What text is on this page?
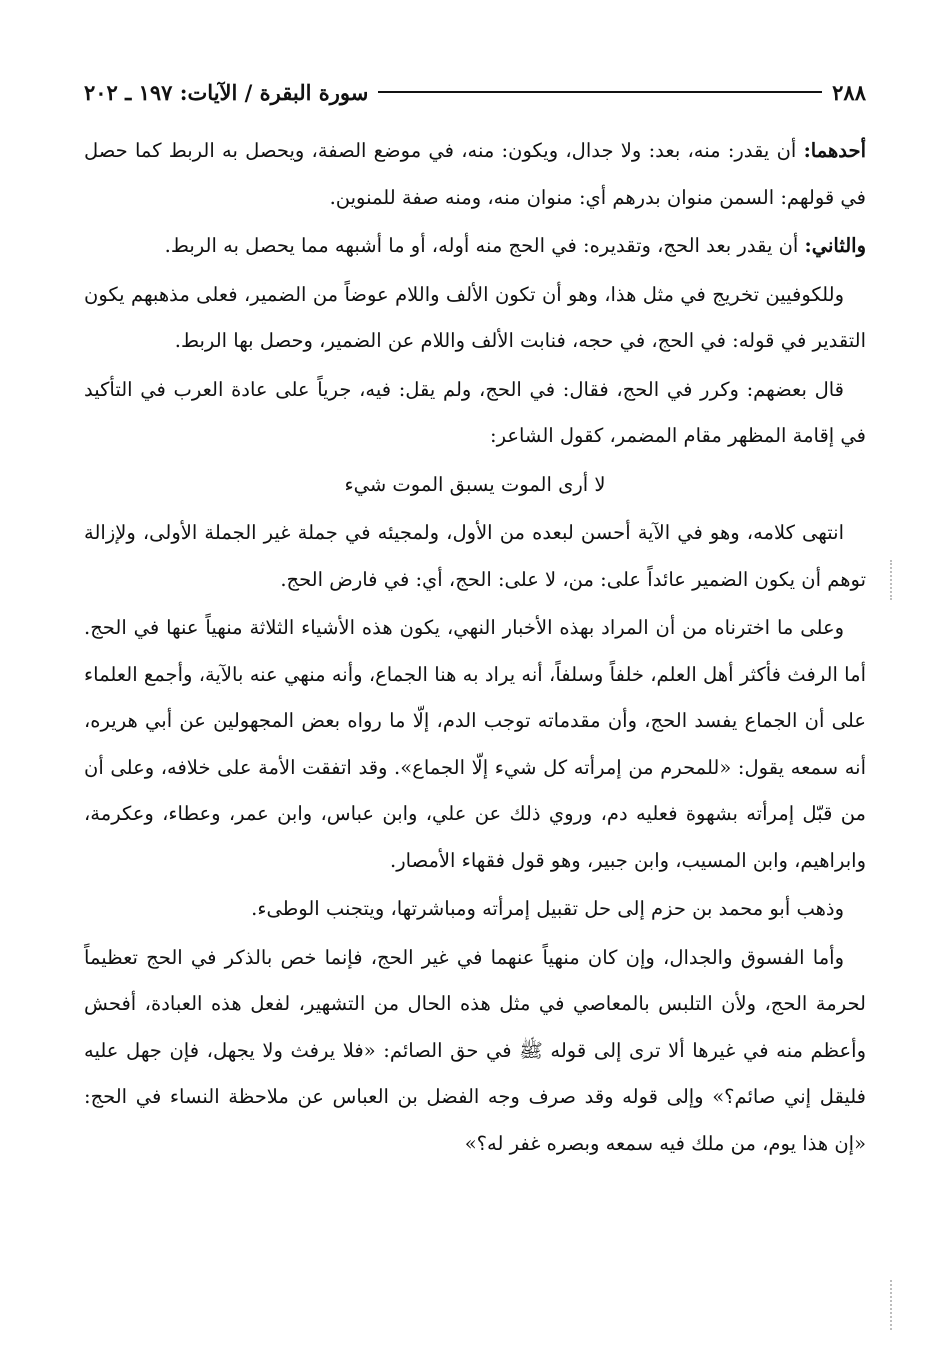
٢٨٨
سورة البقرة / الآيات: ١٩٧ ـ ٢٠٢

أحدهما: أن يقدر: منه، بعد: ولا جدال، ويكون: منه، في موضع الصفة، ويحصل به الربط كما حصل في قولهم: السمن منوان بدرهم أي: منوان منه، ومنه صفة للمنوين.

والثاني: أن يقدر بعد الحج، وتقديره: في الحج منه أوله، أو ما أشبهه مما يحصل به الربط.

وللكوفيين تخريج في مثل هذا، وهو أن تكون الألف واللام عوضاً من الضمير، فعلى مذهبهم يكون التقدير في قوله: في الحج، في حجه، فنابت الألف واللام عن الضمير، وحصل بها الربط.

قال بعضهم: وكرر في الحج، فقال: في الحج، ولم يقل: فيه، جرياً على عادة العرب في التأكيد في إقامة المظهر مقام المضمر، كقول الشاعر:

لا أرى الموت يسبق الموت شيء

انتهى كلامه، وهو في الآية أحسن لبعده من الأول، ولمجيئه في جملة غير الجملة الأولى، ولإزالة توهم أن يكون الضمير عائداً على: من، لا على: الحج، أي: في فارض الحج.

وعلى ما اخترناه من أن المراد بهذه الأخبار النهي، يكون هذه الأشياء الثلاثة منهياً عنها في الحج. أما الرفث فأكثر أهل العلم، خلفاً وسلفاً، أنه يراد به هنا الجماع، وأنه منهي عنه بالآية، وأجمع العلماء على أن الجماع يفسد الحج، وأن مقدماته توجب الدم، إلّا ما رواه بعض المجهولين عن أبي هريره، أنه سمعه يقول: «للمحرم من إمرأته كل شيء إلّا الجماع». وقد اتفقت الأمة على خلافه، وعلى أن من قبّل إمرأته بشهوة فعليه دم، وروي ذلك عن علي، وابن عباس، وابن عمر، وعطاء، وعكرمة، وابراهيم، وابن المسيب، وابن جبير، وهو قول فقهاء الأمصار.

وذهب أبو محمد بن حزم إلى حل تقبيل إمرأته ومباشرتها، ويتجنب الوطىء.

وأما الفسوق والجدال، وإن كان منهياً عنهما في غير الحج، فإنما خص بالذكر في الحج تعظيماً لحرمة الحج، ولأن التلبس بالمعاصي في مثل هذه الحال من التشهير، لفعل هذه العبادة، أفحش وأعظم منه في غيرها ألا ترى إلى قوله ﷺ في حق الصائم: «فلا يرفث ولا يجهل، فإن جهل عليه فليقل إني صائم؟» وإلى قوله وقد صرف وجه الفضل بن العباس عن ملاحظة النساء في الحج: «إن هذا يوم، من ملك فيه سمعه وبصره غفر له؟»
